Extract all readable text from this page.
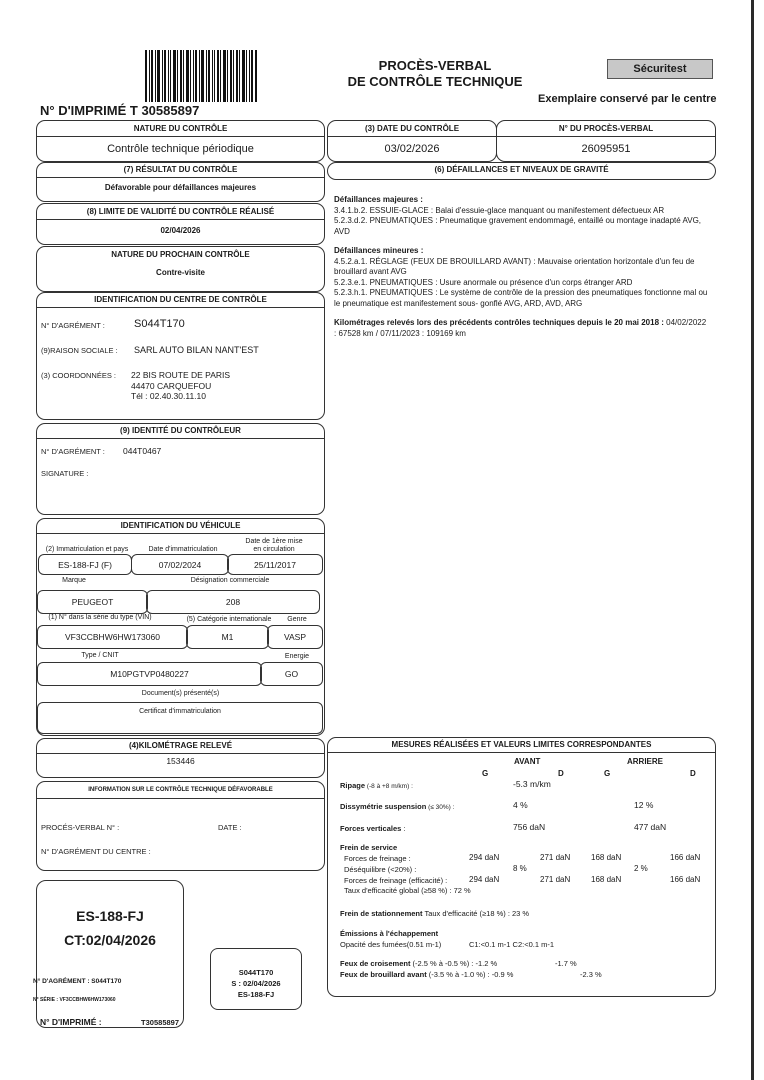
N° D'IMPRIMÉ T 30585897
PROCÈS-VERBAL
DE CONTRÔLE TECHNIQUE
Sécuritest
Exemplaire conservé par le centre
NATURE DU CONTRÔLE
Contrôle technique périodique
(3) DATE DU CONTRÔLE
03/02/2026
N° DU PROCÈS-VERBAL
26095951
(7) RÉSULTAT DU CONTRÔLE
Défavorable pour défaillances majeures
(6) DÉFAILLANCES ET NIVEAUX DE GRAVITÉ
(8) LIMITE DE VALIDITÉ DU CONTRÔLE RÉALISÉ
02/04/2026
NATURE DU PROCHAIN CONTRÔLE
Contre-visite
Défaillances majeures :
3.4.1.b.2. ESSUIE-GLACE : Balai d'essuie-glace manquant ou manifestement défectueux AR
5.2.3.d.2. PNEUMATIQUES : Pneumatique gravement endommagé, entaillé ou montage inadapté AVG, AVD
Défaillances mineures :
4.5.2.a.1. RÉGLAGE (FEUX DE BROUILLARD AVANT) : Mauvaise orientation horizontale d'un feu de brouillard avant AVG
5.2.3.e.1. PNEUMATIQUES : Usure anormale ou présence d'un corps étranger ARD
5.2.3.h.1. PNEUMATIQUES : Le système de contrôle de la pression des pneumatiques fonctionne mal ou le pneumatique est manifestement sous- gonflé AVG, ARD, AVD, ARG
Kilométrages relevés lors des précédents contrôles techniques depuis le 20 mai 2018 : 04/02/2022 : 67528 km / 07/11/2023 : 109169 km
IDENTIFICATION DU CENTRE DE CONTRÔLE
N° D'AGRÉMENT :	S044T170
(9)RAISON SOCIALE : SARL AUTO BILAN NANT'EST
(3) COORDONNÉES : 22 BIS ROUTE DE PARIS
44470 CARQUEFOU
Tél : 02.40.30.11.10
(9) IDENTITÉ DU CONTRÔLEUR
N° D'AGRÉMENT : 044T0467
SIGNATURE :
IDENTIFICATION DU VÉHICULE
(2) Immatriculation et pays	Date d'immatriculation
Date de 1ère mise
en circulation
ES-188-FJ (F)	07/02/2024	25/11/2017
Marque	Désignation commerciale
PEUGEOT	208
(1) N° dans la série du type (VIN)	(5) Catégorie internationale	Genre
VF3CCBHW6HW173060	M1	VASP
Type / CNIT	Energie
M10PGTVP0480227	GO
Document(s) présenté(s)
Certificat d'immatriculation
(4)KILOMÉTRAGE RELEVÉ
153446
INFORMATION SUR LE CONTRÔLE TECHNIQUE DÉFAVORABLE
PROCÉS-VERBAL N° :	DATE :
N° D'AGRÉMENT DU CENTRE :
ES-188-FJ
CT:02/04/2026
N° D'AGRÉMENT : S044T170
N° SÉRIE : VF3CCBHW6HW173060
N° D'IMPRIMÉ :	T30585897
S044T170
S : 02/04/2026
ES-188-FJ
MESURES RÉALISÉES ET VALEURS LIMITES CORRESPONDANTES
AVANT	ARRIERE
G	D	G	D
Ripage (-8 à +8 m/km) :	-5.3 m/km
Dissymétrie suspension (≤ 30%) :	4 %	12 %
Forces verticales :	756 daN	477 daN
Frein de service
Forces de freinage :	294 daN	271 daN	168 daN	166 daN
Déséquilibre (<20%) :	8 %	2 %
Forces de freinage (efficacité) :	294 daN	271 daN	168 daN	166 daN
Taux d'efficacité global (≥58 %) : 72 %
Frein de stationnement Taux d'efficacité (≥18 %) : 23 %
Émissions à l'échappement
Opacité des fumées(0.51 m-1)	C1:<0.1 m-1 C2:<0.1 m-1
Feux de croisement (-2.5 % à -0.5 %) : -1.2 %	-1.7 %
Feux de brouillard avant (-3.5 % à -1.0 %) : -0.9 %	-2.3 %
